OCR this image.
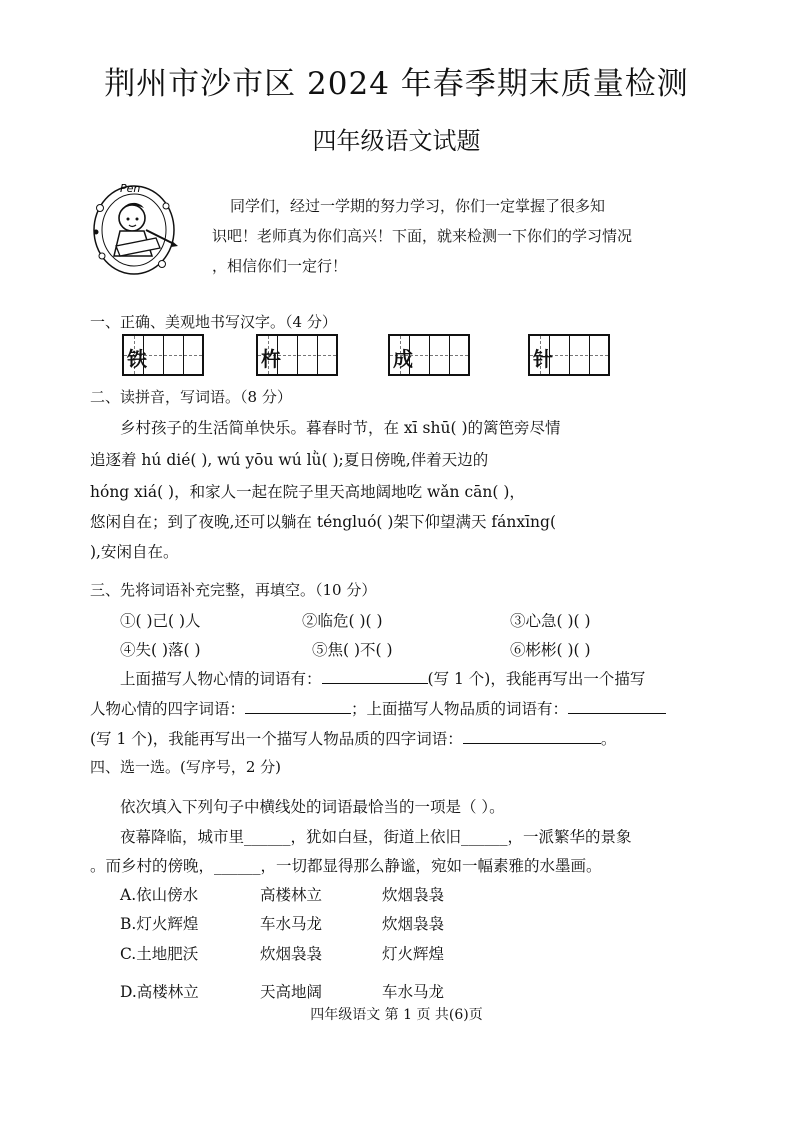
荆州市沙市区 2024 年春季期末质量检测
四年级语文试题
Pen
同学们，经过一学期的努力学习，你们一定掌握了很多知
识吧！老师真为你们高兴！下面，就来检测一下你们的学习情况
，相信你们一定行！
一、正确、美观地书写汉字。（4 分）
铁	杵	成	针
二、读拼音，写词语。（8 分）
乡村孩子的生活简单快乐。暮春时节，在 xī shū( )的篱笆旁尽情
追逐着 hú dié( ), wú yōu wú lǜ( );夏日傍晚,伴着天边的
hóng xiá( )，和家人一起在院子里天高地阔地吃 wǎn cān( )，
悠闲自在；到了夜晚,还可以躺在 téngluó( )架下仰望满天 fánxīng(
),安闲自在。
三、先将词语补充完整，再填空。（10 分）
①( )己( )人	②临危( )( )	③心急( )( )
④失( )落( )	⑤焦( )不( )	⑥彬彬( )( )
上面描写人物心情的词语有：	(写 1 个)，我能再写出一个描写
人物心情的四字词语：	；上面描写人物品质的词语有：
(写 1 个)，我能再写出一个描写人物品质的四字词语：	。
四、选一选。(写序号，2 分)
依次填入下列句子中横线处的词语最恰当的一项是（ ）。
夜幕降临，城市里______，犹如白昼，街道上依旧______，一派繁华的景象
。而乡村的傍晚，______，一切都显得那么静谧，宛如一幅素雅的水墨画。
A.依山傍水	高楼林立	炊烟袅袅
B.灯火辉煌	车水马龙	炊烟袅袅
C.土地肥沃	炊烟袅袅	灯火辉煌
D.高楼林立	天高地阔	车水马龙
四年级语文 第 1 页 共(6)页
